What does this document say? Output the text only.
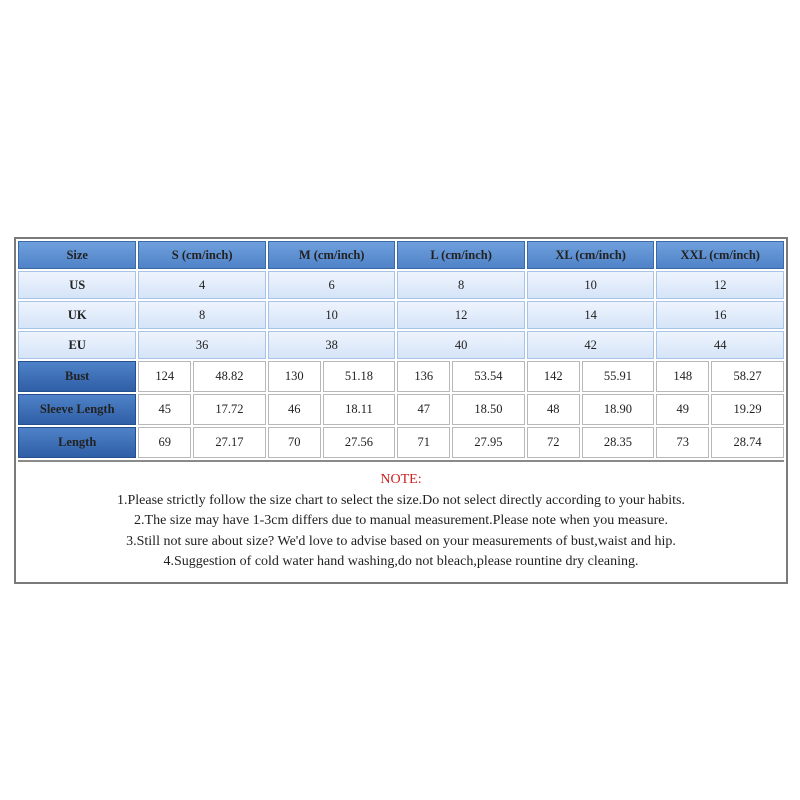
Size	S (cm/inch)		M (cm/inch)		L (cm/inch)		XL (cm/inch)		XXL (cm/inch)	
US	4		6		8		10		12	
UK	8		10		12		14		16	
EU	36		38		40		42		44	
Bust	124	48.82	130	51.18	136	53.54	142	55.91	148	58.27
Sleeve Length	45	17.72	46	18.11	47	18.50	48	18.90	49	19.29
Length	69	27.17	70	27.56	71	27.95	72	28.35	73	28.74
NOTE:
1.Please strictly follow the size chart to select the size.Do not select directly according to your habits.
2.The size may have 1-3cm differs due to manual measurement.Please note when you measure.
3.Still not sure about size? We'd love to advise based on your measurements of bust,waist and hip.
4.Suggestion of cold water hand washing,do not bleach,please rountine dry cleaning.
